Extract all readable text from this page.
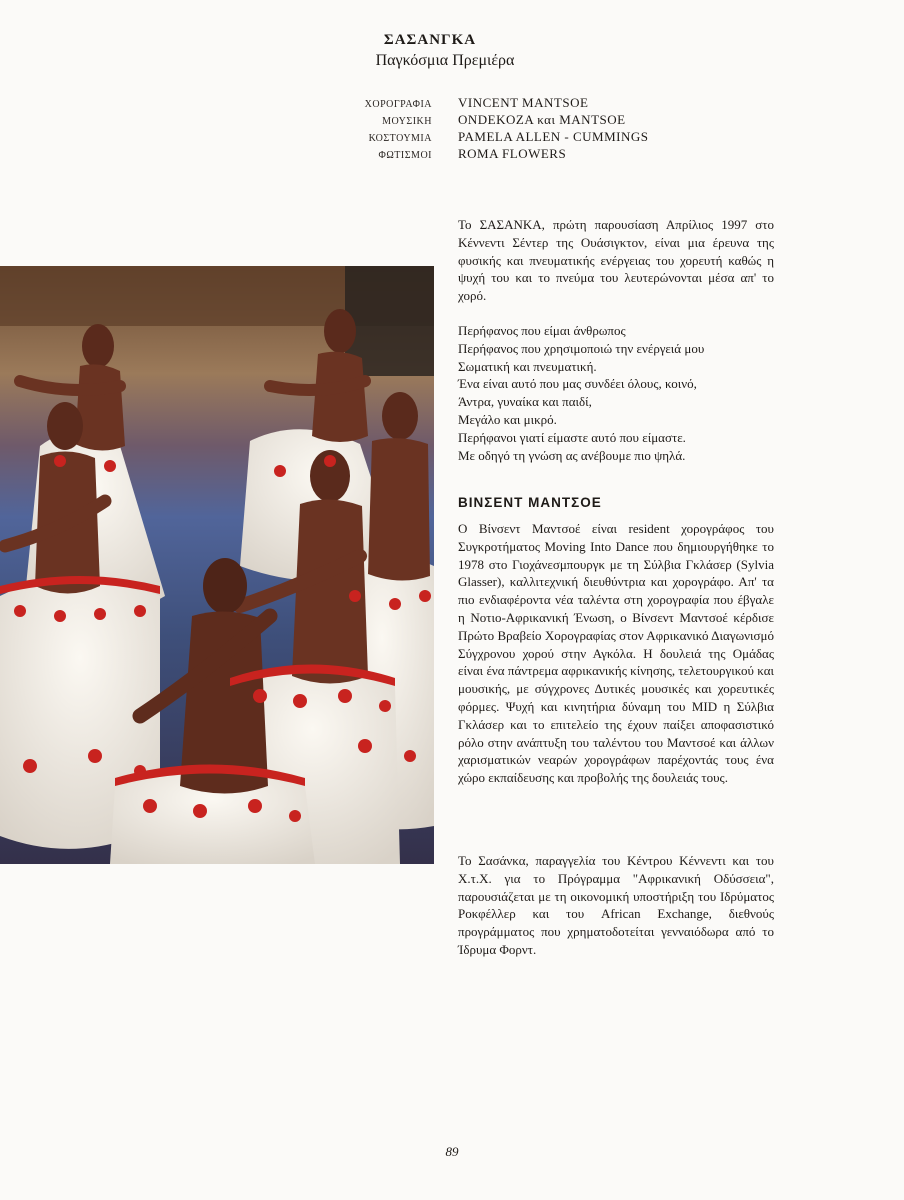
ΣΑΣΑΝΓΚΑ
Παγκόσμια Πρεμιέρα
ΧΟΡΟΓΡΑΦΙΑ VINCENT MANTSOE
ΜΟΥΣΙΚΗ ONDEKOZA και MANTSOE
ΚΟΣΤΟΥΜΙΑ PAMELA ALLEN - CUMMINGS
ΦΩΤΙΣΜΟΙ ROMA FLOWERS

Το ΣΑΣΑΝΚΑ, πρώτη παρουσίαση Απρίλιος 1997 στο Κέννεντι Σέντερ της Ουάσιγκτον, είναι μια έρευνα της φυσικής και πνευματικής ενέργειας του χορευτή καθώς η ψυχή του και το πνεύμα του λευτερώνονται μέσα απ' το χορό.

Περήφανος που είμαι άνθρωπος
Περήφανος που χρησιμοποιώ την ενέργειά μου
Σωματική και πνευματική.
Ένα είναι αυτό που μας συνδέει όλους, κοινό,
Άντρα, γυναίκα και παιδί,
Μεγάλο και μικρό.
Περήφανοι γιατί είμαστε αυτό που είμαστε.
Με οδηγό τη γνώση ας ανέβουμε πιο ψηλά.
ΒΙΝΣΕΝΤ ΜΑΝΤΣΟΕ

Ο Βίνσεντ Μαντσοέ είναι resident χορογράφος του Συγκροτήματος Moving Into Dance που δημιουργήθηκε το 1978 στο Γιοχάνεσμπουργκ με τη Σύλβια Γκλάσερ (Sylvia Glasser), καλλιτεχνική διευθύντρια και χορογράφο. Απ' τα πιο ενδιαφέροντα νέα ταλέντα στη χορογραφία που έβγαλε η Νοτιο-Αφρικανική Ένωση, ο Βίνσεντ Μαντσοέ κέρδισε Πρώτο Βραβείο Χορογραφίας στον Αφρικανικό Διαγωνισμό Σύγχρονου χορού στην Αγκόλα. Η δουλειά της Ομάδας είναι ένα πάντρεμα αφρικανικής κίνησης, τελετουργικού και μουσικής, με σύγχρονες Δυτικές μουσικές και χορευτικές φόρμες. Ψυχή και κινητήρια δύναμη του MID η Σύλβια Γκλάσερ και το επιτελείο της έχουν παίξει αποφασιστικό ρόλο στην ανάπτυξη του ταλέντου του Μαντσοέ και άλλων χαρισματικών νεαρών χορογράφων παρέχοντάς τους ένα χώρο εκπαίδευσης και προβολής της δουλειάς τους.

Το Σασάνκα, παραγγελία του Κέντρου Κέννεντι και του Χ.τ.Χ. για το Πρόγραμμα "Αφρικανική Οδύσσεια", παρουσιάζεται με τη οικονομική υποστήριξη του Ιδρύματος Ροκφέλλερ και του African Exchange, διεθνούς προγράμματος που χρηματοδοτείται γενναιόδωρα από το Ίδρυμα Φορντ.

89
